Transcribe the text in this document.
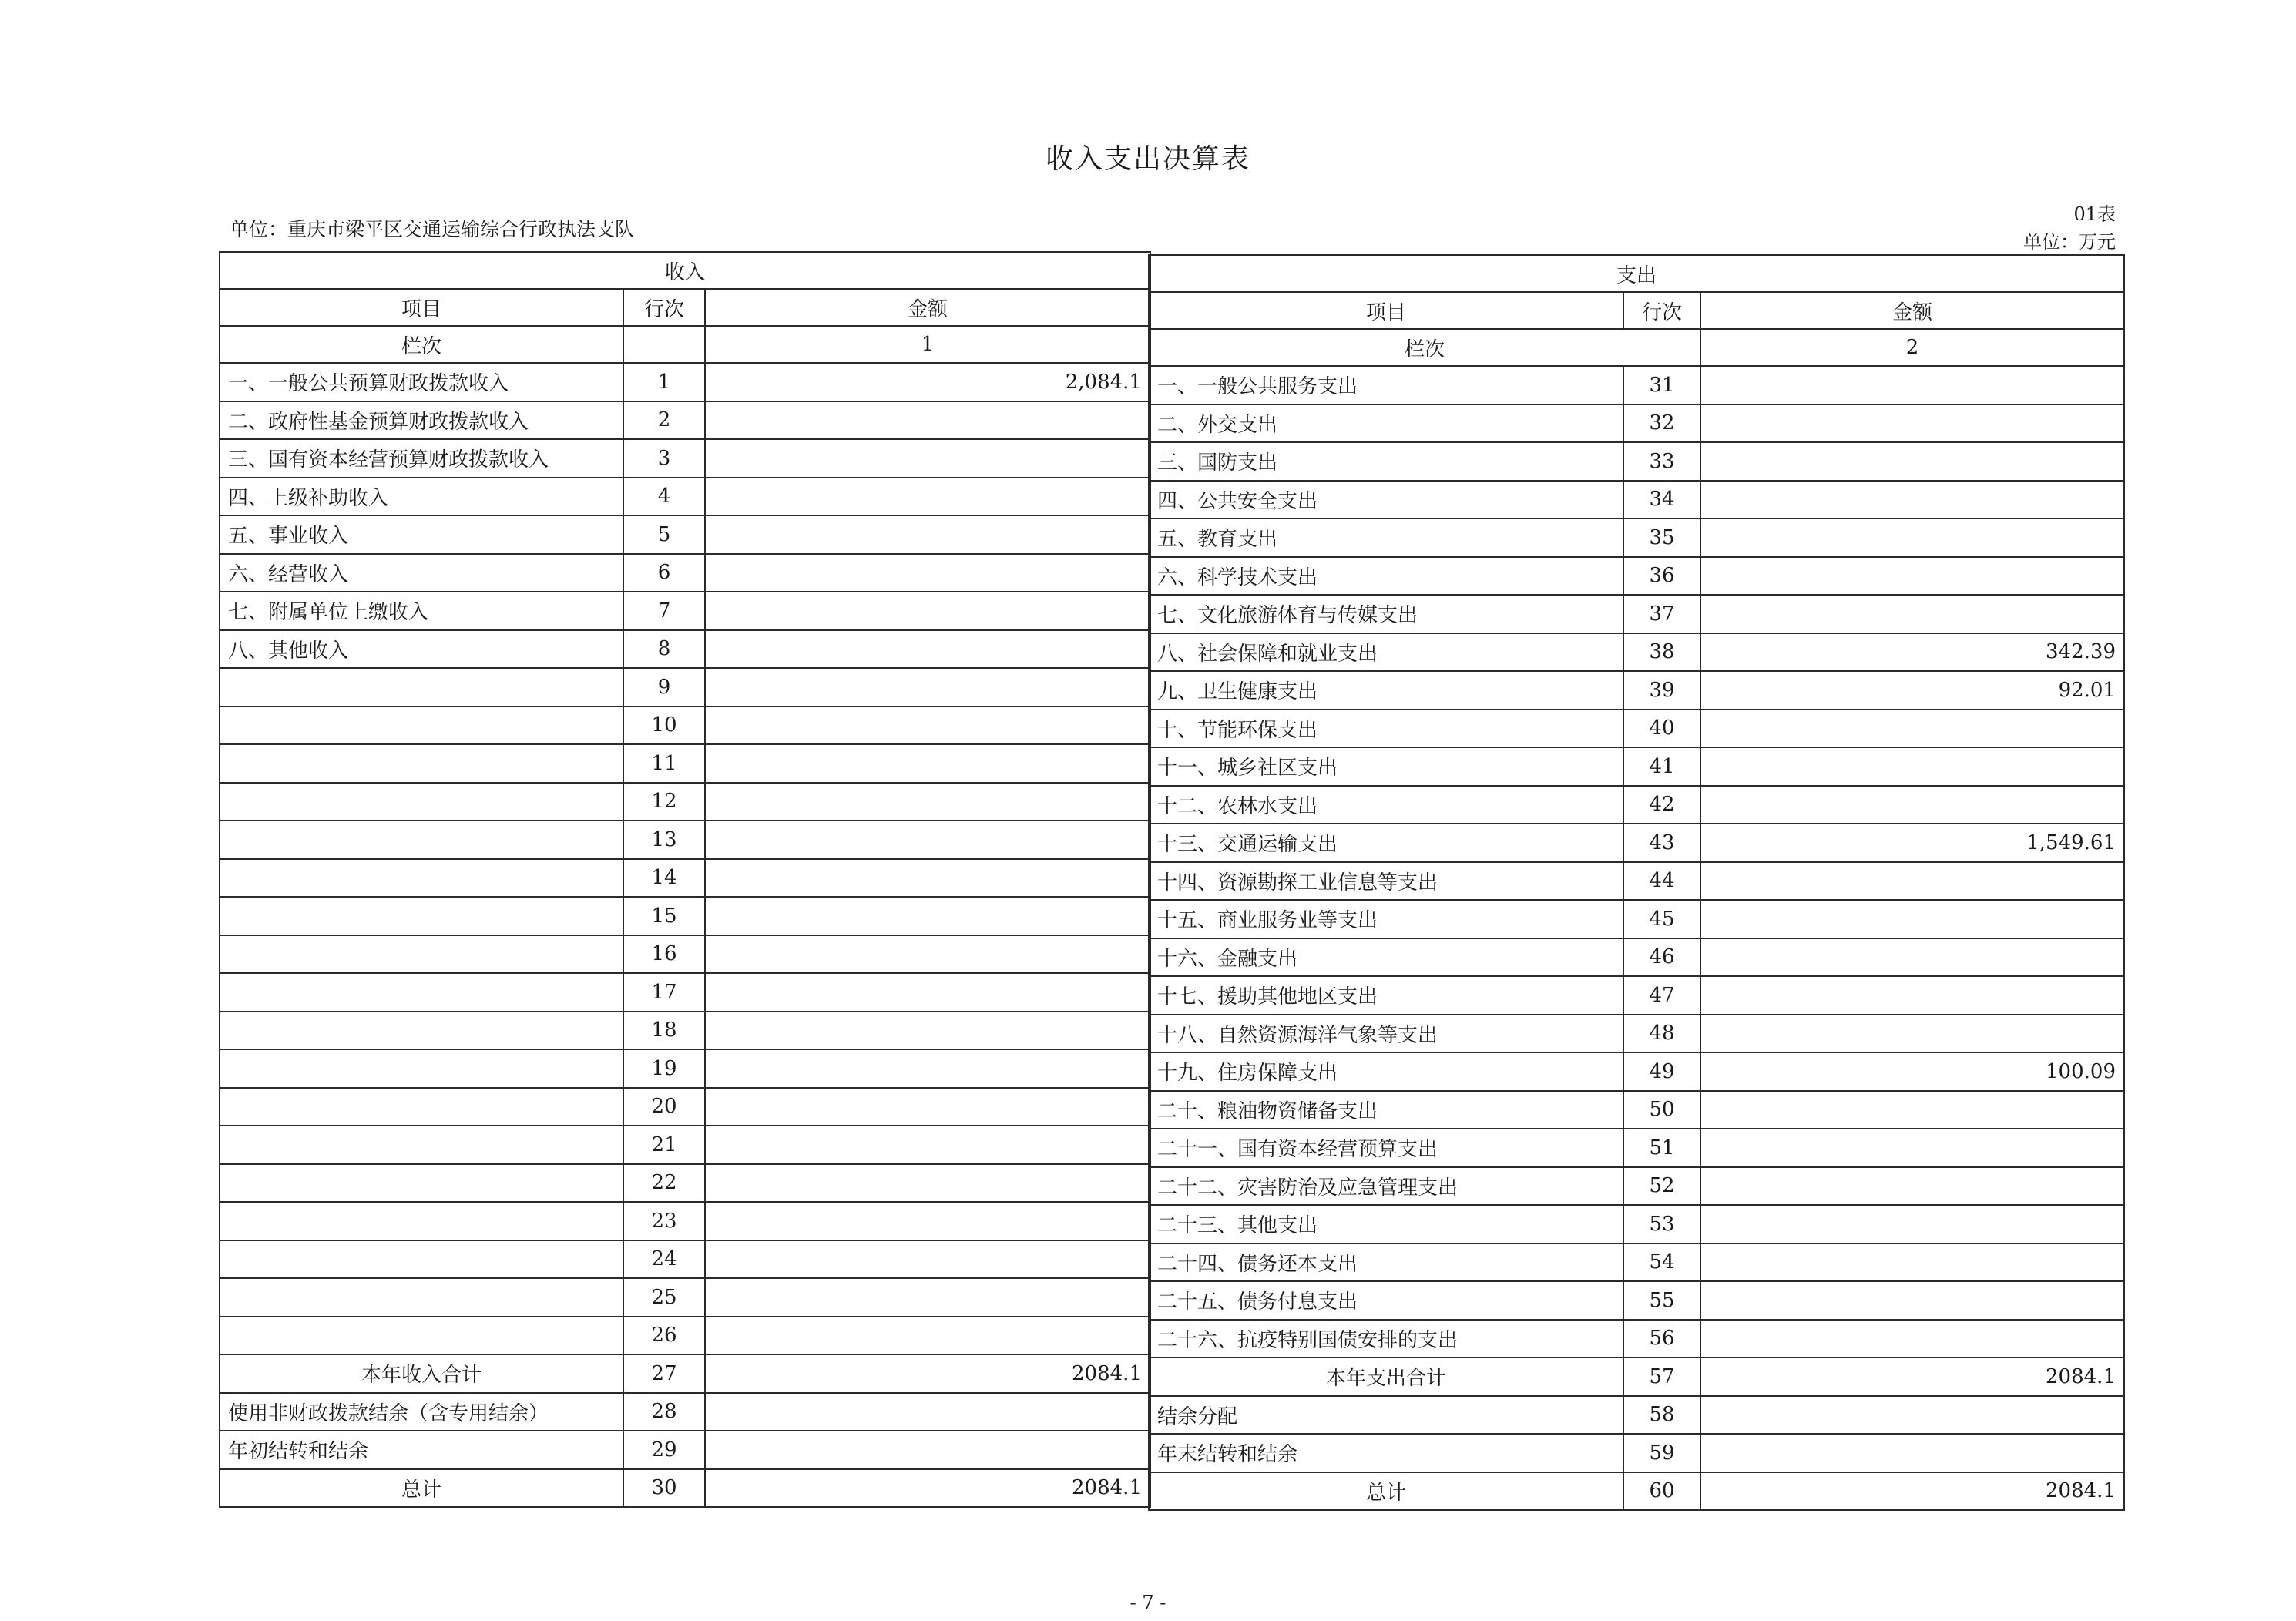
收入支出决算表
单位：重庆市梁平区交通运输综合行政执法支队
01表
单位：万元
收入		
项目	行次	金额
栏次		1
一、一般公共预算财政拨款收入	1	2,084.1
二、政府性基金预算财政拨款收入	2	
三、国有资本经营预算财政拨款收入	3	
四、上级补助收入	4	
五、事业收入	5	
六、经营收入	6	
七、附属单位上缴收入	7	
八、其他收入	8	
	9	
	10	
	11	
	12	
	13	
	14	
	15	
	16	
	17	
	18	
	19	
	20	
	21	
	22	
	23	
	24	
	25	
	26	
本年收入合计	27	2084.1
使用非财政拨款结余（含专用结余）	28	
年初结转和结余	29	
总计	30	2084.1
支出		
项目	行次	金额
栏次		2
一、一般公共服务支出	31	
二、外交支出	32	
三、国防支出	33	
四、公共安全支出	34	
五、教育支出	35	
六、科学技术支出	36	
七、文化旅游体育与传媒支出	37	
八、社会保障和就业支出	38	342.39
九、卫生健康支出	39	92.01
十、节能环保支出	40	
十一、城乡社区支出	41	
十二、农林水支出	42	
十三、交通运输支出	43	1,549.61
十四、资源勘探工业信息等支出	44	
十五、商业服务业等支出	45	
十六、金融支出	46	
十七、援助其他地区支出	47	
十八、自然资源海洋气象等支出	48	
十九、住房保障支出	49	100.09
二十、粮油物资储备支出	50	
二十一、国有资本经营预算支出	51	
二十二、灾害防治及应急管理支出	52	
二十三、其他支出	53	
二十四、债务还本支出	54	
二十五、债务付息支出	55	
二十六、抗疫特别国债安排的支出	56	
本年支出合计	57	2084.1
结余分配	58	
年末结转和结余	59	
总计	60	2084.1
- 7 -
